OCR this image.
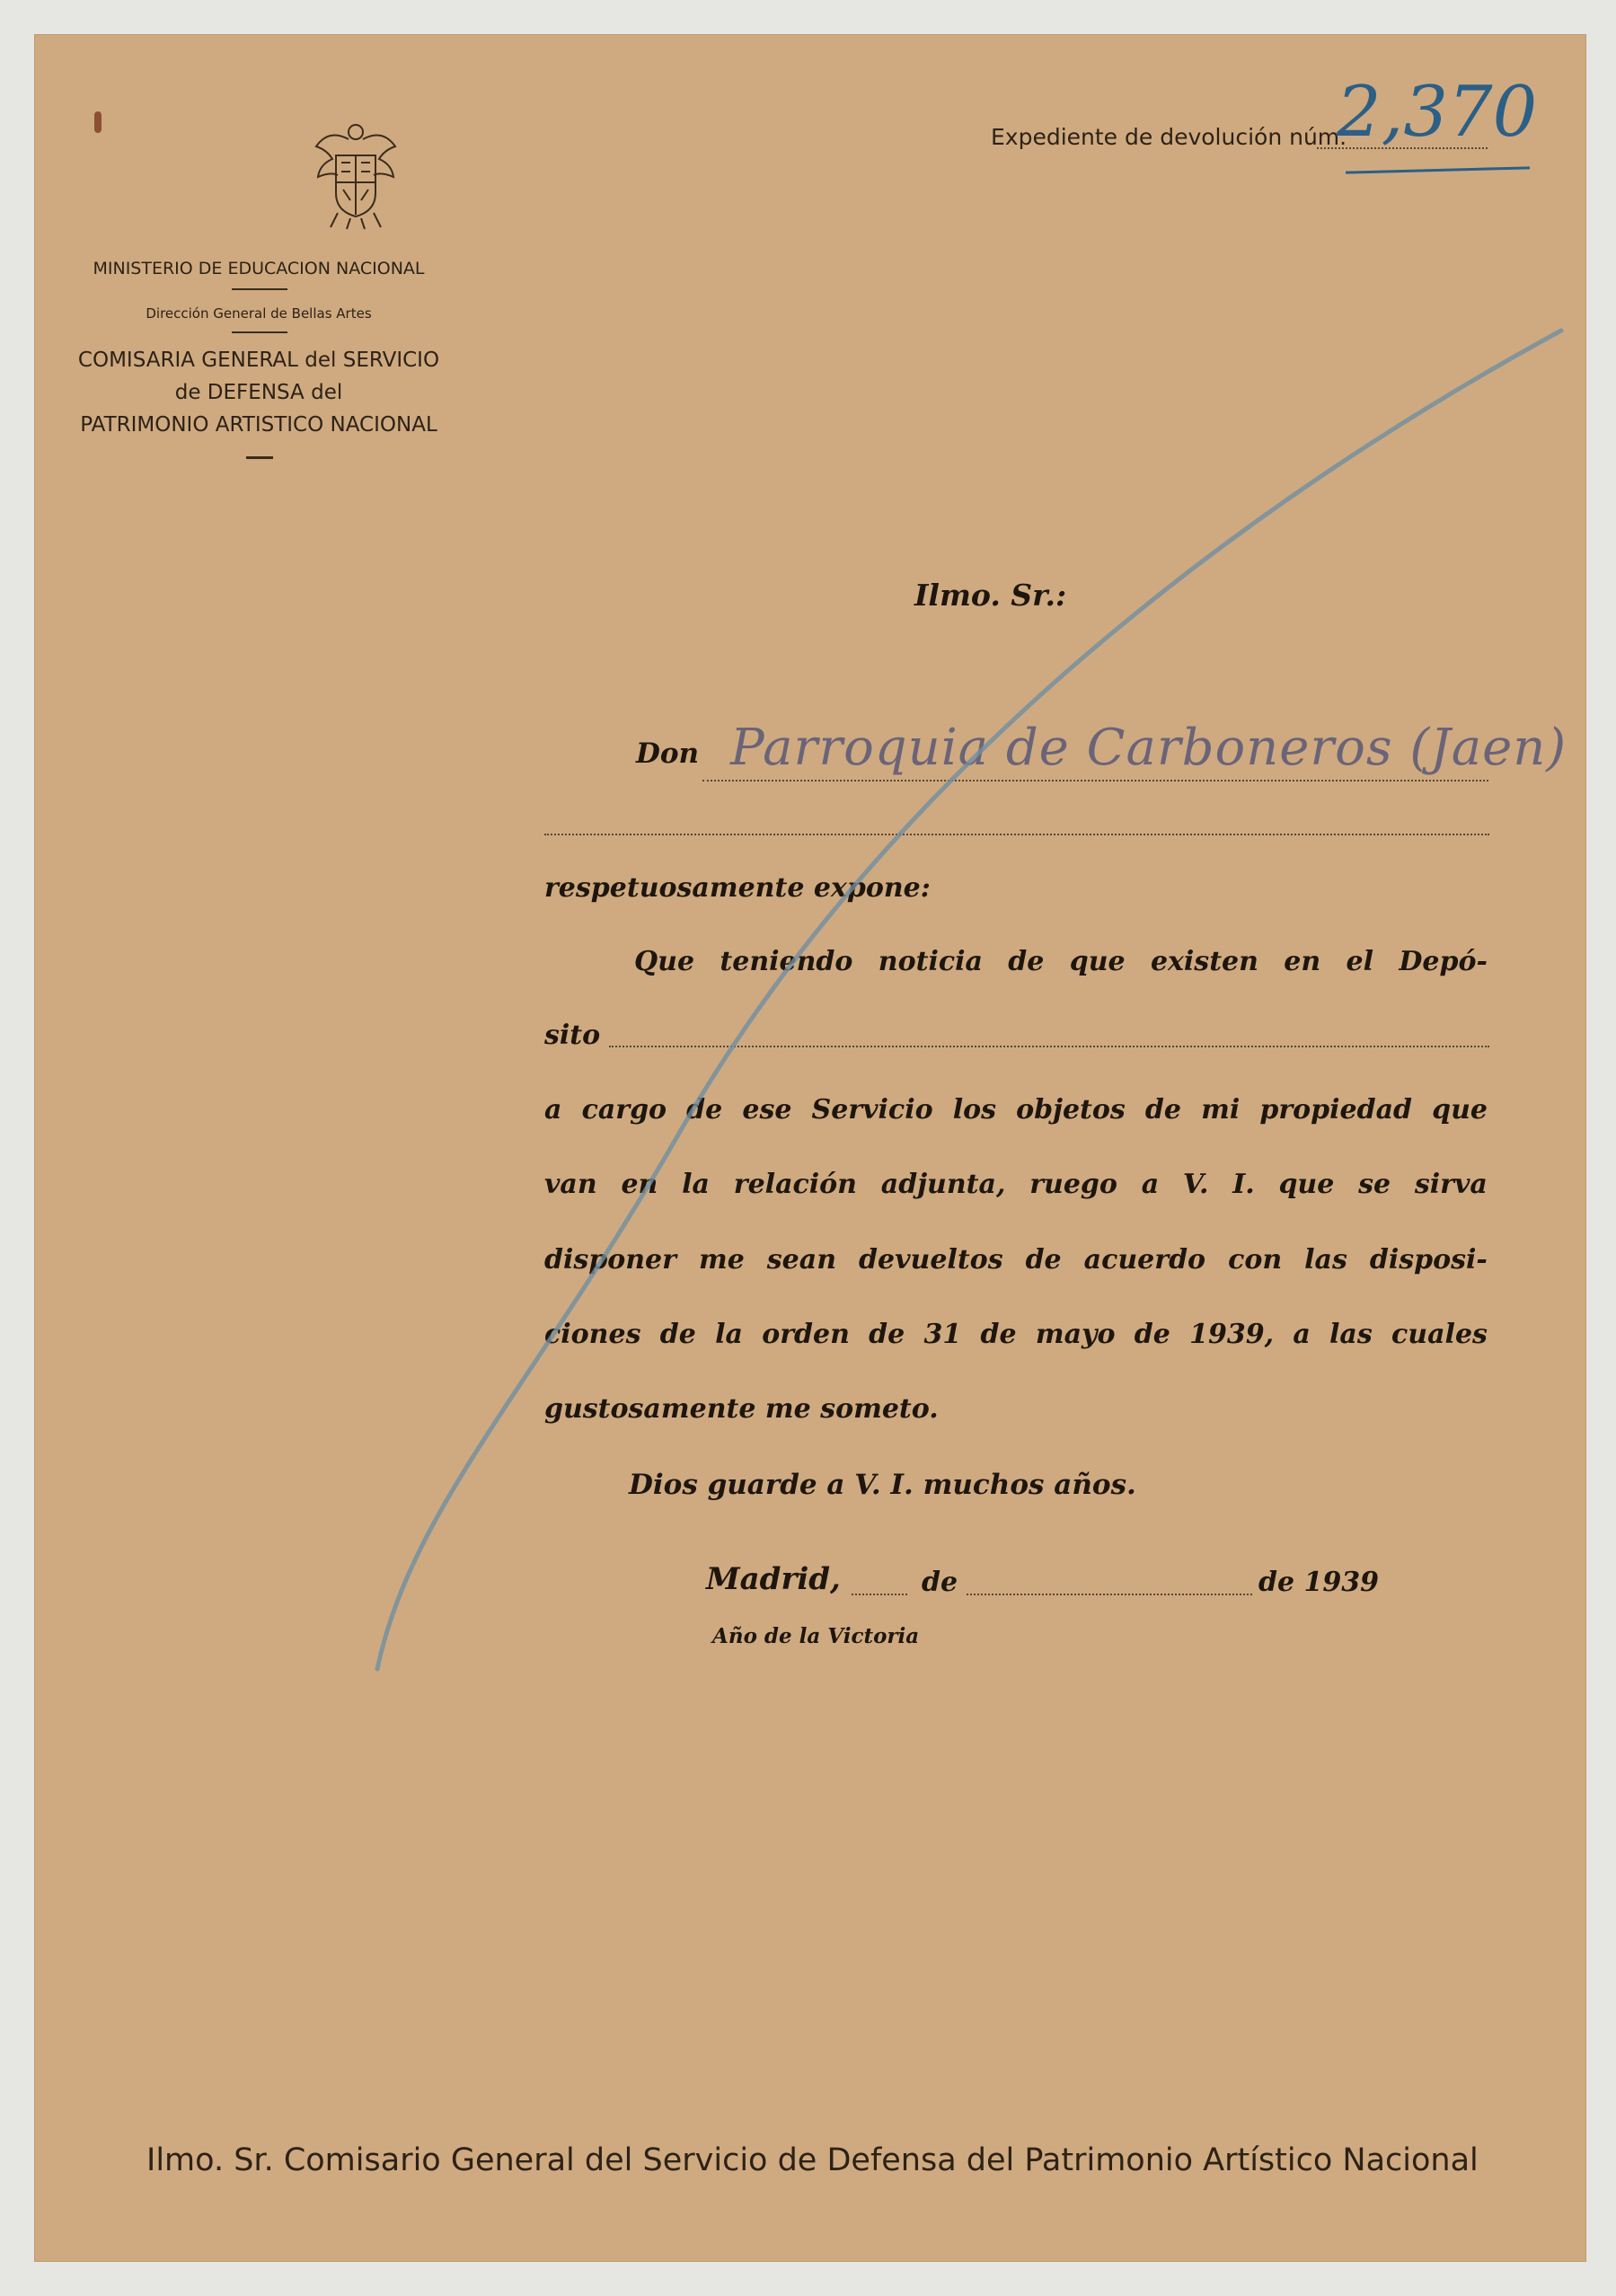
MINISTERIO DE EDUCACION NACIONAL
Dirección General de Bellas Artes
COMISARIA GENERAL del SERVICIO
de DEFENSA del
PATRIMONIO ARTISTICO NACIONAL
Expediente de devolución núm.
2,370
Ilmo. Sr.:
Don Parroquia de Carboneros (Jaen)
respetuosamente expone:
Que teniendo noticia de que existen en el Depó-
sito
a cargo de ese Servicio los objetos de mi propiedad que
van en la relación adjunta, ruego a V. I. que se sirva
disponer me sean devueltos de acuerdo con las disposi-
ciones de la orden de 31 de mayo de 1939, a las cuales
gustosamente me someto.
Dios guarde a V. I. muchos años.
Madrid,	de	de 1939
Año de la Victoria
Ilmo. Sr. Comisario General del Servicio de Defensa del Patrimonio Artístico Nacional
